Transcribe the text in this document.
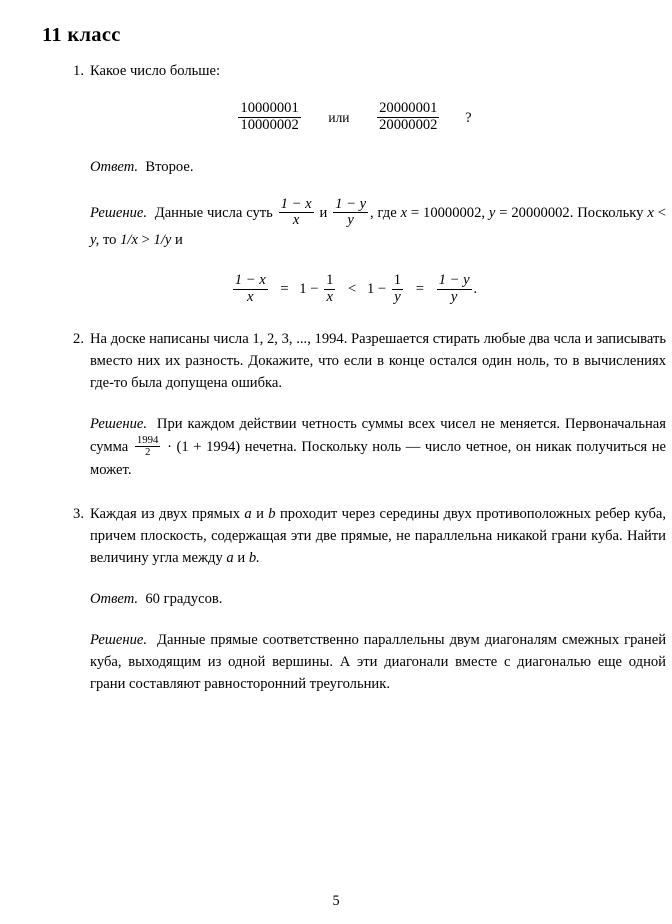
11 класс
1. Какое число больше:
$\frac{10000001}{10000002}$ или $\frac{20000001}{20000002}$ ?
Ответ. Второе.
Решение. Данные числа суть $\frac{1 - x}{x}$ и $\frac{1 - y}{y}$ , где x = 10000002, y = 20000002. Поскольку x < y, то 1/x > 1/y и
$\frac{1 - x}{x} = 1 - \frac{1}{x} < 1 - \frac{1}{y} = \frac{1 - y}{y}$ .
2. На доске написаны числа 1, 2, 3, ..., 1994. Разрешается стирать любые два чсла и записывать вместо них их разность. Докажите, что если в конце остался один ноль, то в вычислениях где-то была допущена ошибка.
Решение. При каждом действии четность суммы всех чисел не меняется. Первоначальная сумма $\frac{1994}{2} \cdot (1 + 1994)$ нечетна. Поскольку ноль — число четное, он никак получиться не может.
3. Каждая из двух прямых a и b проходит через середины двух противоположных ребер куба, причем плоскость, содержащая эти две прямые, не параллельна никакой грани куба. Найти величину угла между a и b.
Ответ. 60 градусов.
Решение. Данные прямые соответственно параллельны двум диагоналям смежных граней куба, выходящим из одной вершины. А эти диагонали вместе с диагональю еще одной грани составляют равносторонний треугольник.
5
